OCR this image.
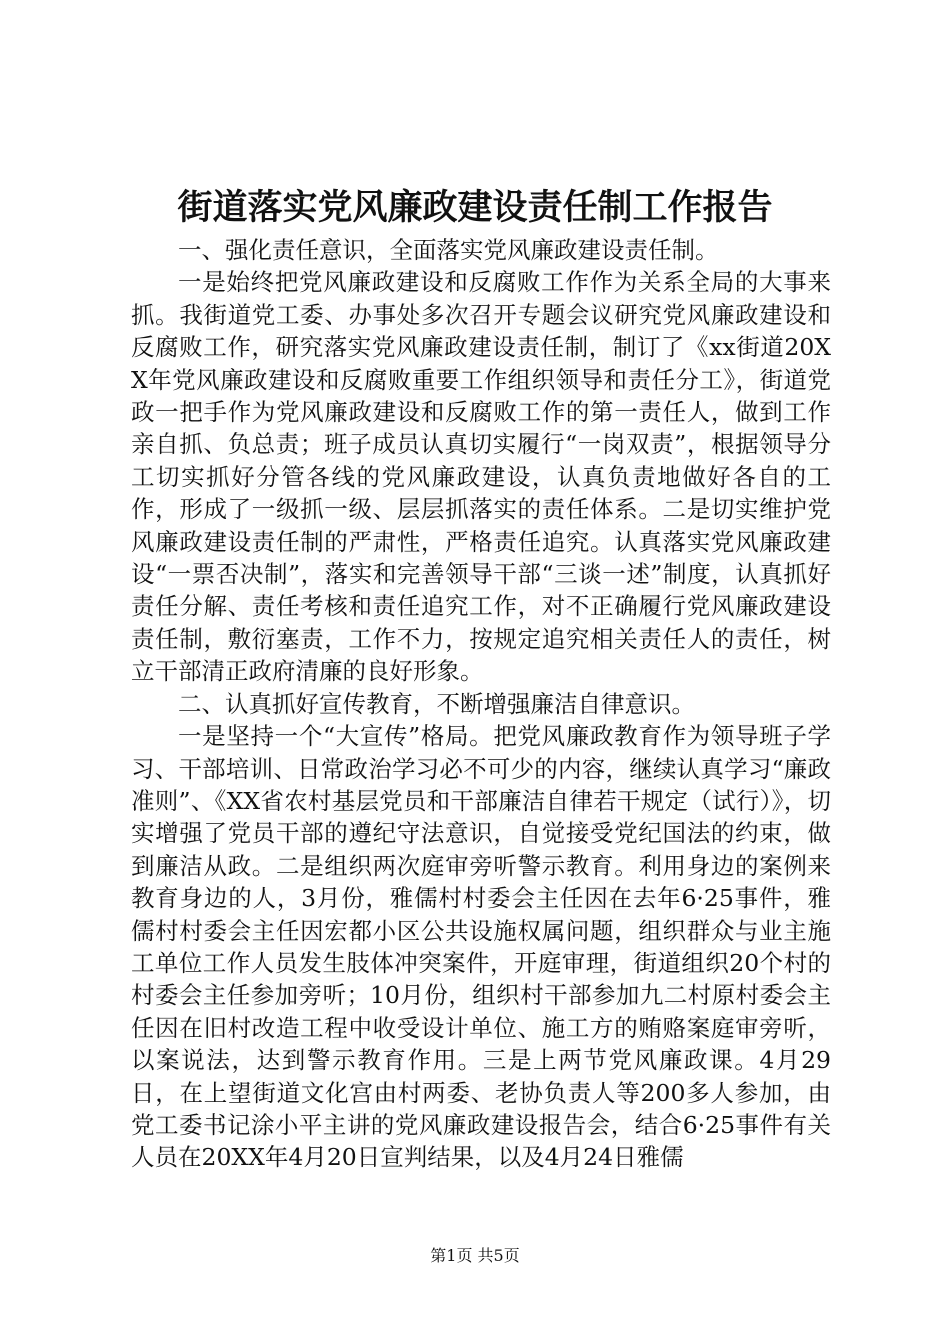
街道落实党风廉政建设责任制工作报告

一、强化责任意识，全面落实党风廉政建设责任制。

一是始终把党风廉政建设和反腐败工作作为关系全局的大事来抓。我街道党工委、办事处多次召开专题会议研究党风廉政建设和反腐败工作，研究落实党风廉政建设责任制，制订了《xx街道20XX年党风廉政建设和反腐败重要工作组织领导和责任分工》，街道党政一把手作为党风廉政建设和反腐败工作的第一责任人，做到工作亲自抓、负总责；班子成员认真切实履行“一岗双责”，根据领导分工切实抓好分管各线的党风廉政建设，认真负责地做好各自的工作，形成了一级抓一级、层层抓落实的责任体系。二是切实维护党风廉政建设责任制的严肃性，严格责任追究。认真落实党风廉政建设“一票否决制”，落实和完善领导干部“三谈一述”制度，认真抓好责任分解、责任考核和责任追究工作，对不正确履行党风廉政建设责任制，敷衍塞责，工作不力，按规定追究相关责任人的责任，树立干部清正政府清廉的良好形象。

二、认真抓好宣传教育，不断增强廉洁自律意识。

一是坚持一个“大宣传”格局。把党风廉政教育作为领导班子学习、干部培训、日常政治学习必不可少的内容，继续认真学习“廉政准则”、《XX省农村基层党员和干部廉洁自律若干规定（试行）》，切实增强了党员干部的遵纪守法意识，自觉接受党纪国法的约束，做到廉洁从政。二是组织两次庭审旁听警示教育。利用身边的案例来教育身边的人，3月份，雅儒村村委会主任因在去年6·25事件，雅儒村村委会主任因宏都小区公共设施权属问题，组织群众与业主施工单位工作人员发生肢体冲突案件，开庭审理，街道组织20个村的村委会主任参加旁听；10月份，组织村干部参加九二村原村委会主任因在旧村改造工程中收受设计单位、施工方的贿赂案庭审旁听，以案说法，达到警示教育作用。三是上两节党风廉政课。4月29日，在上望街道文化宫由村两委、老协负责人等200多人参加，由党工委书记涂小平主讲的党风廉政建设报告会，结合6·25事件有关人员在20XX年4月20日宣判结果，以及4月24日雅儒

第1页 共5页
